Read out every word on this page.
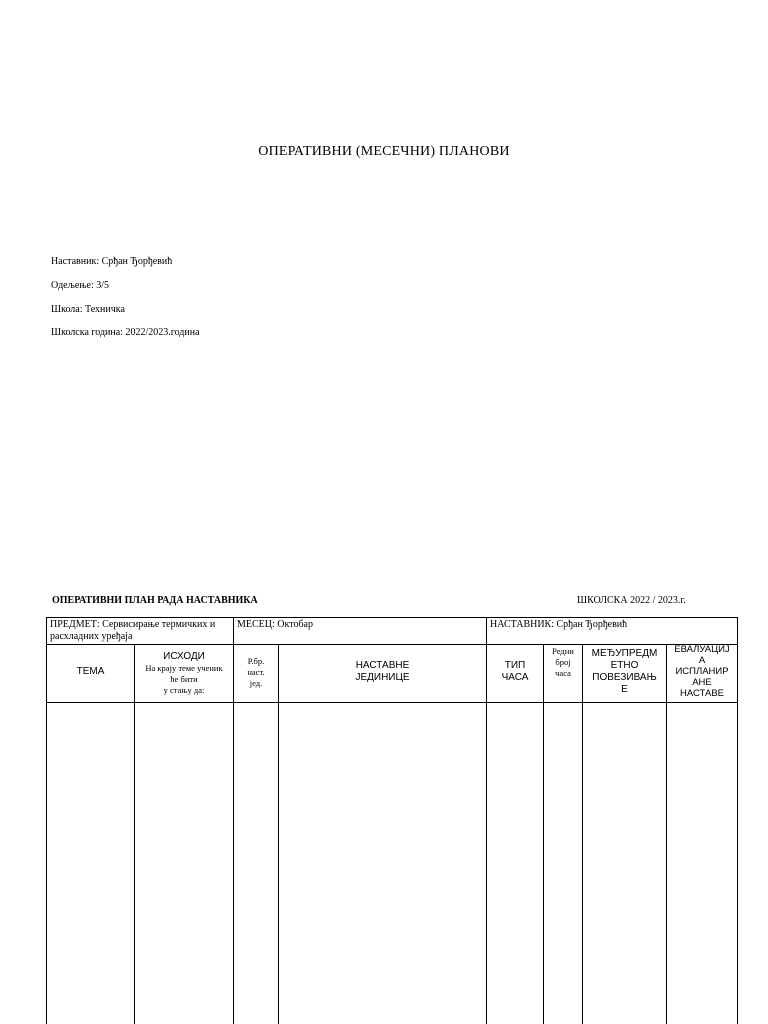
ОПЕРАТИВНИ (МЕСЕЧНИ) ПЛАНОВИ
Наставник: Срђан Ђорђевић
Одељење: 3/5
Школа: Техничка
Школска година: 2022/2023.година
ОПЕРАТИВНИ ПЛАН РАДА НАСТАВНИКА	ШКОЛСКА 2022 / 2023.г.
ПРЕДМЕТ: Сервисирање термичких и расхладних уређаја
МЕСЕЦ: Октобар	НАСТАВНИК: Срђан Ђорђевић
ТЕМА
ИСХОДИ
На крају теме ученик
ће бити
у стању да:
Р.бр.
наст.
јед.
НАСТАВНЕ
ЈЕДИНИЦЕ
ТИП
ЧАСА
Редни
број
часа
МЕЂУПРЕДМ
ЕТНО
ПОВЕЗИВАЊ
Е
ЕВАЛУАЦИЈ
А
ИСПЛАНИР
АНЕ
НАСТАВЕ
